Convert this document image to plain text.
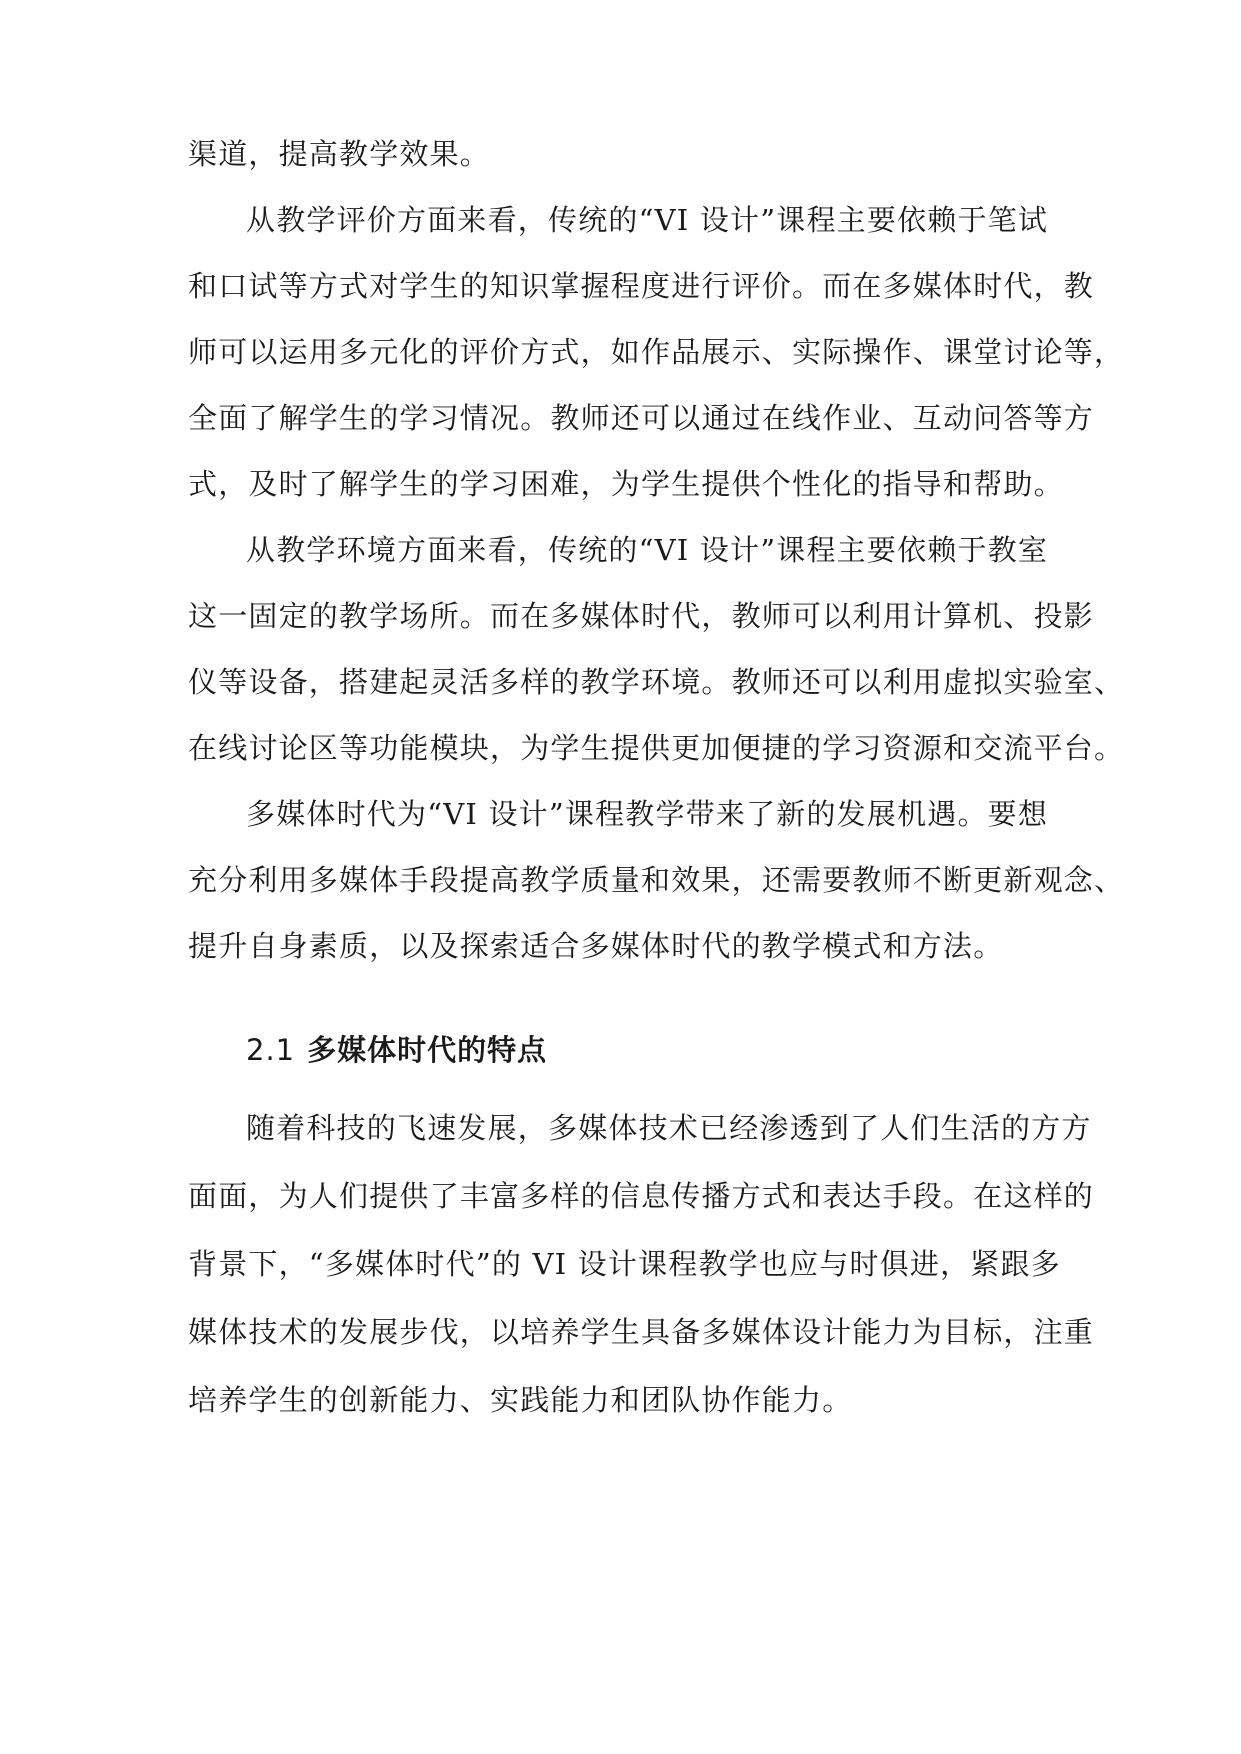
渠道，提高教学效果。
从教学评价方面来看，传统的“VI 设计”课程主要依赖于笔试
和口试等方式对学生的知识掌握程度进行评价。而在多媒体时代，教
师可以运用多元化的评价方式，如作品展示、实际操作、课堂讨论等，
全面了解学生的学习情况。教师还可以通过在线作业、互动问答等方
式，及时了解学生的学习困难，为学生提供个性化的指导和帮助。
从教学环境方面来看，传统的“VI 设计”课程主要依赖于教室
这一固定的教学场所。而在多媒体时代，教师可以利用计算机、投影
仪等设备，搭建起灵活多样的教学环境。教师还可以利用虚拟实验室、
在线讨论区等功能模块，为学生提供更加便捷的学习资源和交流平台。
多媒体时代为“VI 设计”课程教学带来了新的发展机遇。要想
充分利用多媒体手段提高教学质量和效果，还需要教师不断更新观念、
提升自身素质，以及探索适合多媒体时代的教学模式和方法。
2.1 多媒体时代的特点
随着科技的飞速发展，多媒体技术已经渗透到了人们生活的方方
面面，为人们提供了丰富多样的信息传播方式和表达手段。在这样的
背景下，“多媒体时代”的 VI 设计课程教学也应与时俱进，紧跟多
媒体技术的发展步伐，以培养学生具备多媒体设计能力为目标，注重
培养学生的创新能力、实践能力和团队协作能力。
